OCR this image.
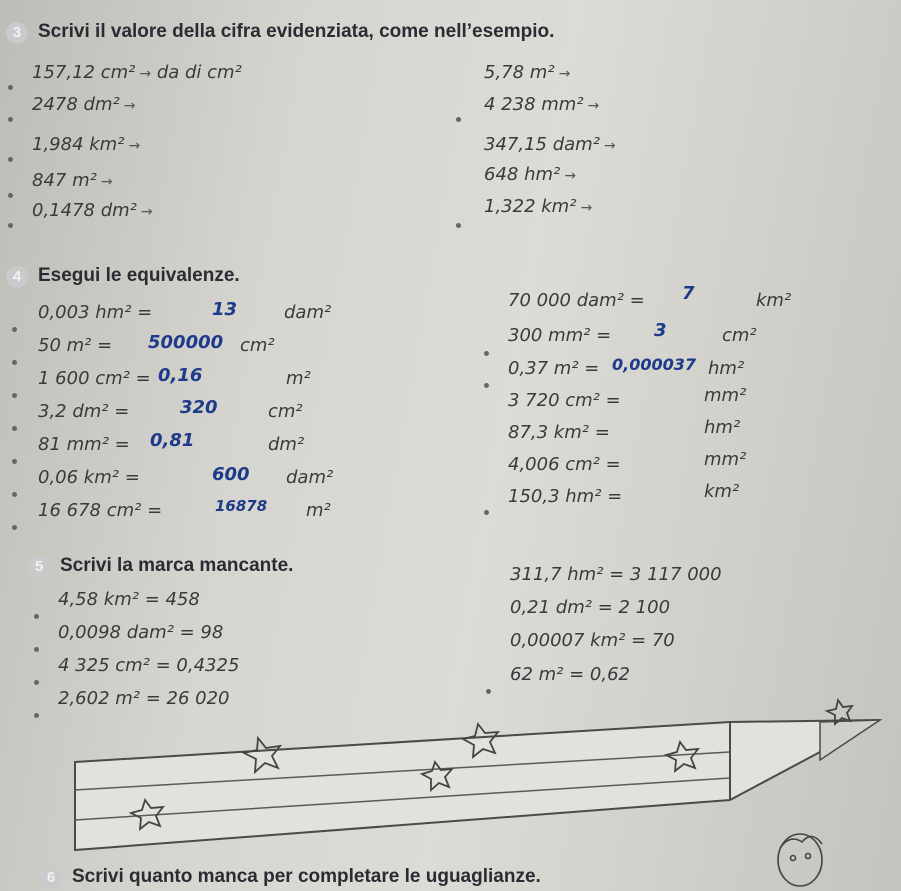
3 Scrivi il valore della cifra evidenziata, come nell’esempio.
157,12 cm² → da di cm²
2478 dm² →
1,984 km² →
847 m² →
0,1478 dm² →
5,78 m² →
4 238 mm² →
347,15 dam² →
648 hm² →
1,322 km² →
4 Esegui le equivalenze.
0,003 hm² =	13	dam²
50 m² = 500000 cm²
1 600 cm² = 0,16	m²
3,2 dm² =	320	cm²
81 mm² = 0,81	dm²
0,06 km² =	600 dam²
16 678 cm² =	16878 m²
70 000 dam² = 7	km²
300 mm² = 3	cm²
0,37 m² = 0,000037 hm²
3 720 cm² =	mm²
87,3 km² =	hm²
4,006 cm² =	mm²
150,3 hm² =	km²
5 Scrivi la marca mancante.
4,58 km² = 458
0,0098 dam² = 98
4 325 cm² = 0,4325
2,602 m² = 26 020
311,7 hm² = 3 117 000
0,21 dm² = 2 100
0,00007 km² = 70
62 m² = 0,62
6 Scrivi quanto manca per completare le uguaglianze.
